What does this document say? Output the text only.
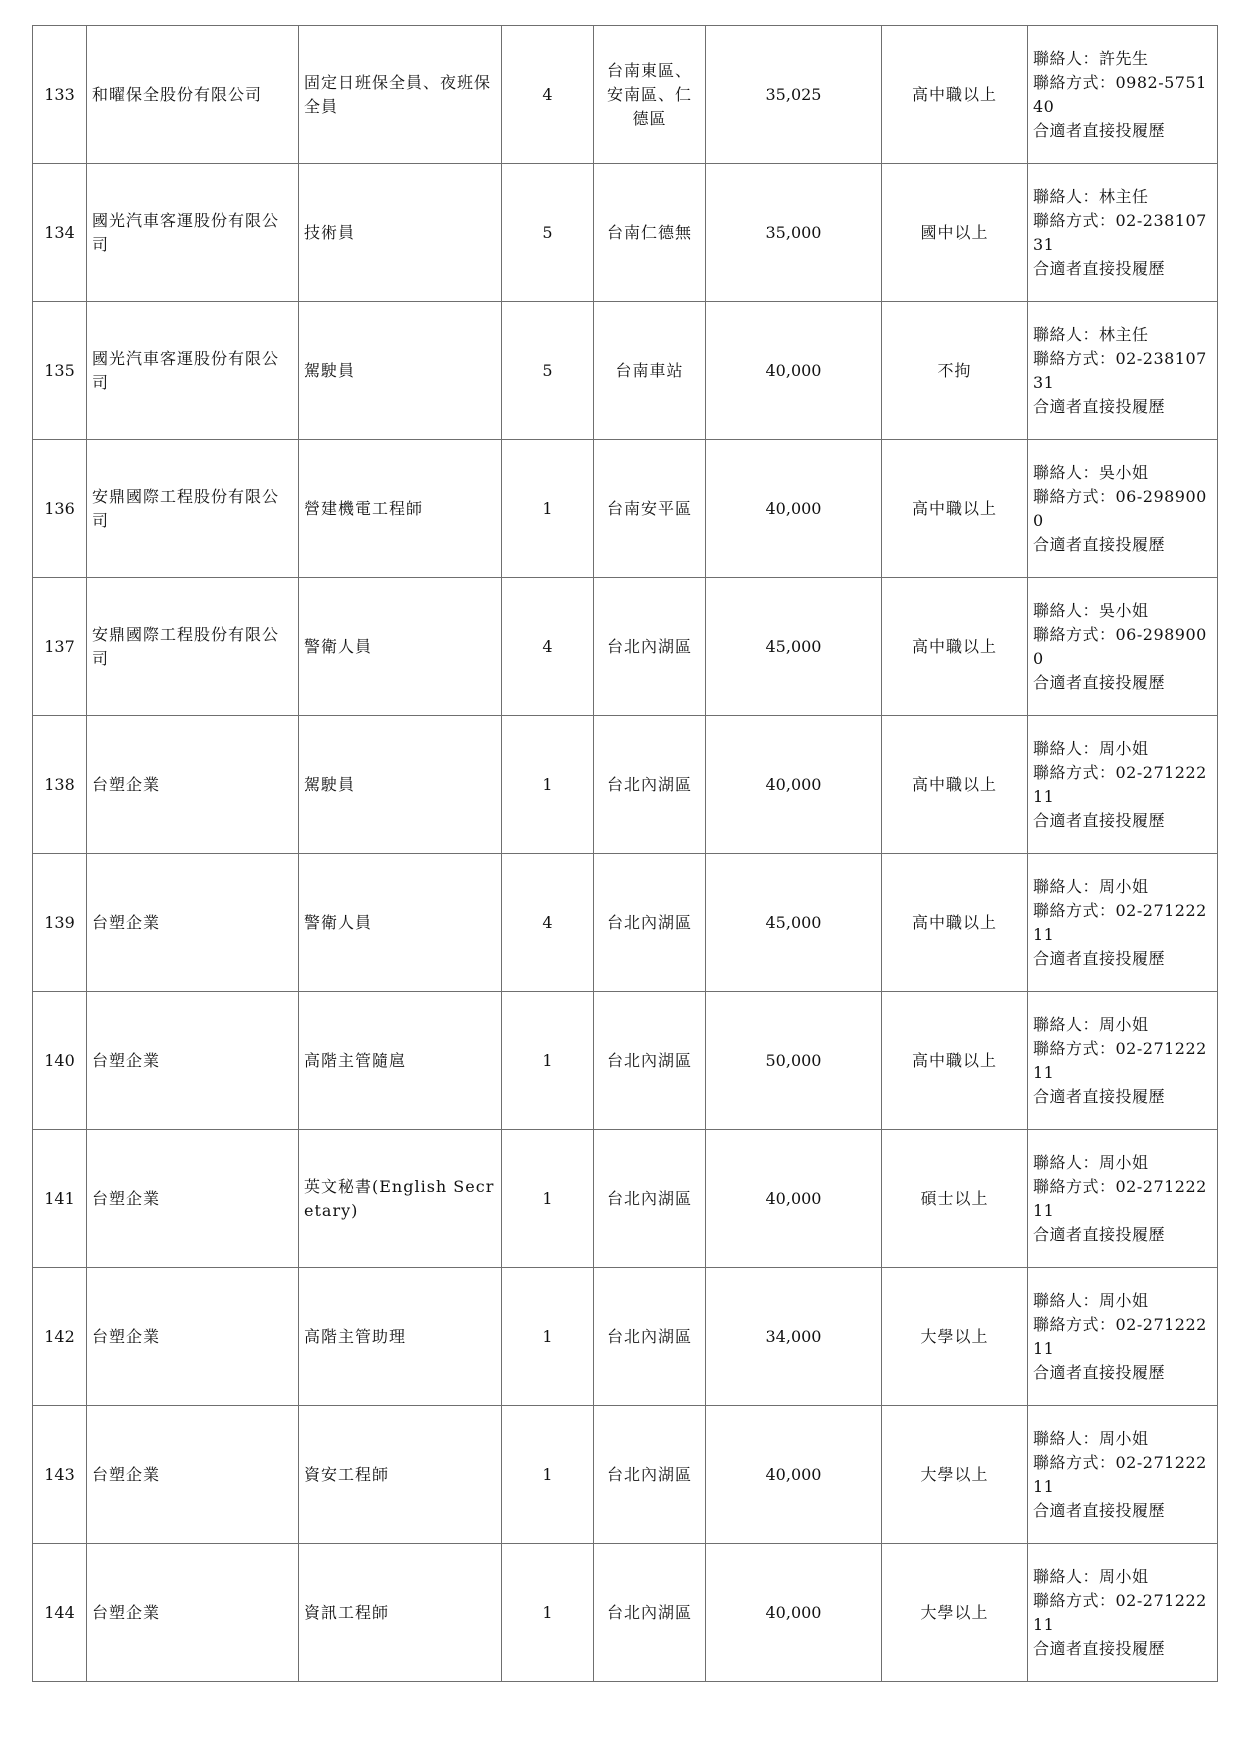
133	和曜保全股份有限公司	固定日班保全員、夜班保全員	4	台南東區、安南區、仁德區	35,025	高中職以上	聯絡人：許先生
聯絡方式：0982-575140
合適者直接投履歷

134	國光汽車客運股份有限公司	技術員	5	台南仁德無	35,000	國中以上	聯絡人：林主任
聯絡方式：02-23810731
合適者直接投履歷

135	國光汽車客運股份有限公司	駕駛員	5	台南車站	40,000	不拘	聯絡人：林主任
聯絡方式：02-23810731
合適者直接投履歷

136	安鼎國際工程股份有限公司	營建機電工程師	1	台南安平區	40,000	高中職以上	聯絡人：吳小姐
聯絡方式：06-2989000
合適者直接投履歷

137	安鼎國際工程股份有限公司	警衛人員	4	台北內湖區	45,000	高中職以上	聯絡人：吳小姐
聯絡方式：06-2989000
合適者直接投履歷

138	台塑企業	駕駛員	1	台北內湖區	40,000	高中職以上	聯絡人：周小姐
聯絡方式：02-27122211
合適者直接投履歷

139	台塑企業	警衛人員	4	台北內湖區	45,000	高中職以上	聯絡人：周小姐
聯絡方式：02-27122211
合適者直接投履歷

140	台塑企業	高階主管隨扈	1	台北內湖區	50,000	高中職以上	聯絡人：周小姐
聯絡方式：02-27122211
合適者直接投履歷

141	台塑企業	英文秘書(English Secretary)	1	台北內湖區	40,000	碩士以上	聯絡人：周小姐
聯絡方式：02-27122211
合適者直接投履歷

142	台塑企業	高階主管助理	1	台北內湖區	34,000	大學以上	聯絡人：周小姐
聯絡方式：02-27122211
合適者直接投履歷

143	台塑企業	資安工程師	1	台北內湖區	40,000	大學以上	聯絡人：周小姐
聯絡方式：02-27122211
合適者直接投履歷

144	台塑企業	資訊工程師	1	台北內湖區	40,000	大學以上	聯絡人：周小姐
聯絡方式：02-27122211
合適者直接投履歷
